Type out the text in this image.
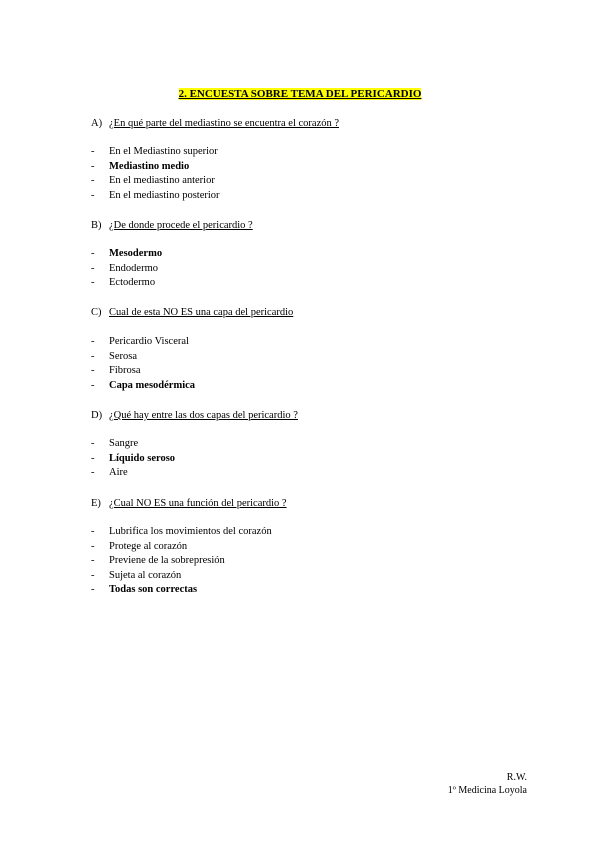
2. ENCUESTA SOBRE TEMA DEL PERICARDIO
A) ¿En qué parte del mediastino se encuentra el corazón ?
- En el Mediastino superior
- Mediastino medio
- En el mediastino anterior
- En el mediastino posterior
B) ¿De donde procede el pericardio ?
- Mesodermo
- Endodermo
- Ectodermo
C) Cual de esta NO ES una capa del pericardio
- Pericardio Visceral
- Serosa
- Fibrosa
- Capa mesodérmica
D) ¿Qué hay entre las dos capas del pericardio ?
- Sangre
- Líquido seroso
- Aire
E) ¿Cual NO ES una función del pericardio ?
- Lubrifica los movimientos del corazón
- Protege al corazón
- Previene de la sobrepresión
- Sujeta al corazón
- Todas son correctas
R.W.
1º Medicina Loyola
